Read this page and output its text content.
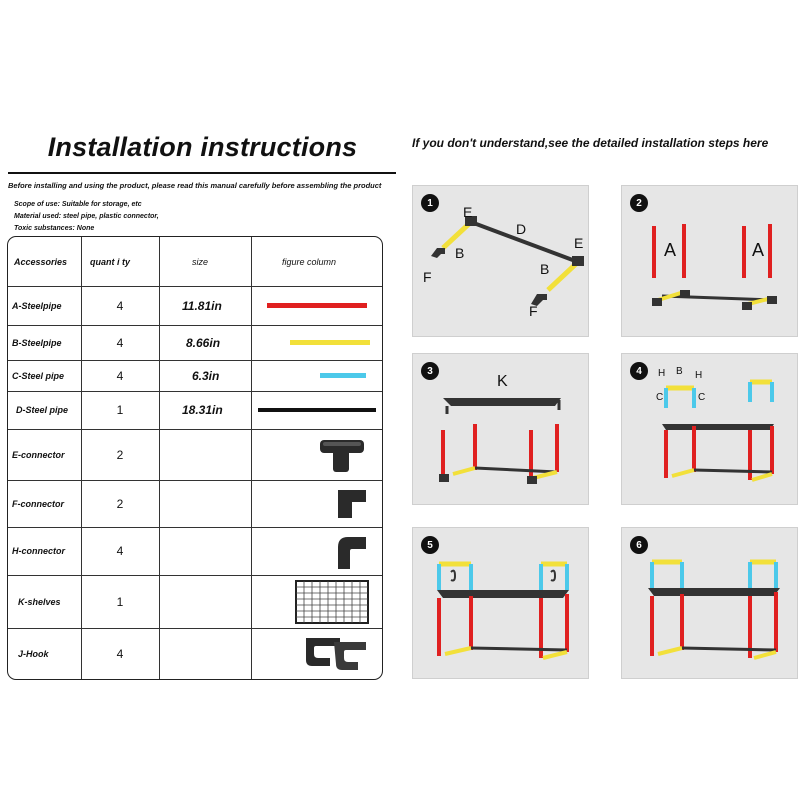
Installation instructions
Before installing and using the product, please read this manual carefully before assembling the product
Scope of use: Suitable for storage, etc
Material used: steel pipe, plastic connector,
Toxic substances: None
If you don't understand,see the detailed installation steps here
Accessories	quant i ty	size	figure column
A-Steelpipe	4	11.81in
B-Steelpipe	4	8.66in
C-Steel pipe	4	6.3in
D-Steel pipe	1	18.31in
E-connector	2
F-connector	2
H-connector	4
K-shelves	1
J-Hook	4
1
E
D
E
B
B
F
F
2
A	A
3
K
4	H B H
C	C
5	6
